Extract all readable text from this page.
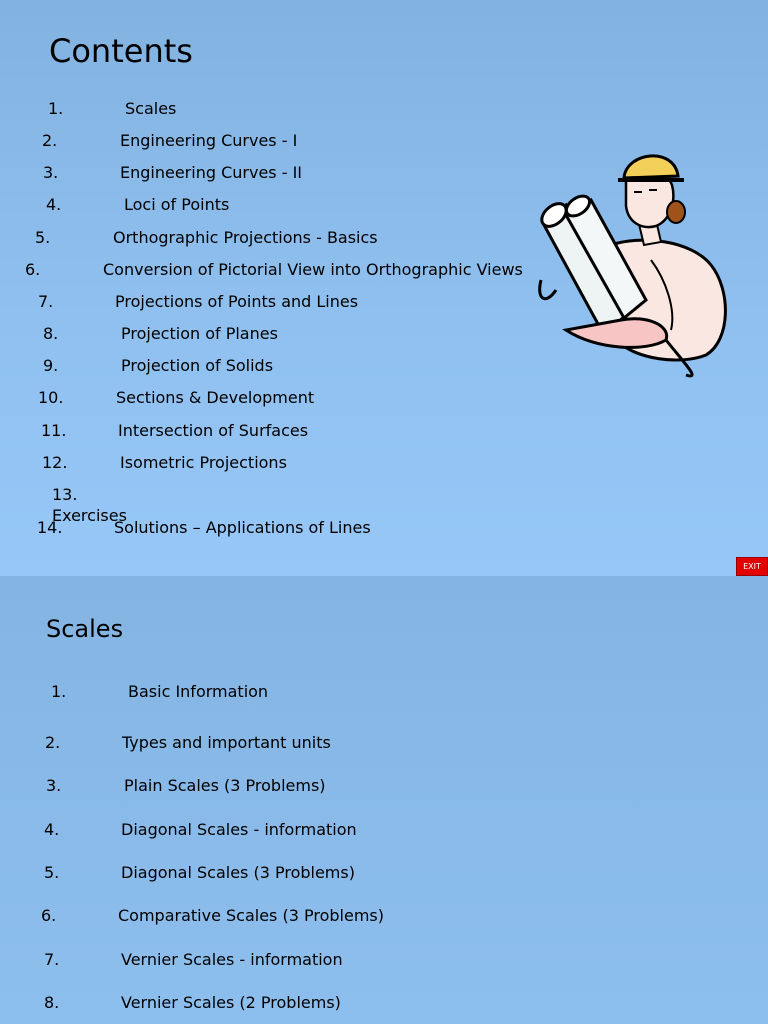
Contents
1.	Scales
2.	Engineering Curves - I
3.	Engineering Curves - II
4.	Loci of Points
5.	Orthographic Projections - Basics
6.	Conversion of Pictorial View into Orthographic Views
7.	Projections of Points and Lines
8.	Projection of Planes
9.	Projection of Solids
10.	Sections & Development
11.	Intersection of Surfaces
12.	Isometric Projections
13.
Exercises
14.	Solutions – Applications of Lines
EXIT
Scales
1.	Basic Information
2.	Types and important units
3.	Plain Scales (3 Problems)
4.	Diagonal Scales - information
5.	Diagonal Scales (3 Problems)
6.	Comparative Scales (3 Problems)
7.	Vernier Scales - information
8.	Vernier Scales (2 Problems)
